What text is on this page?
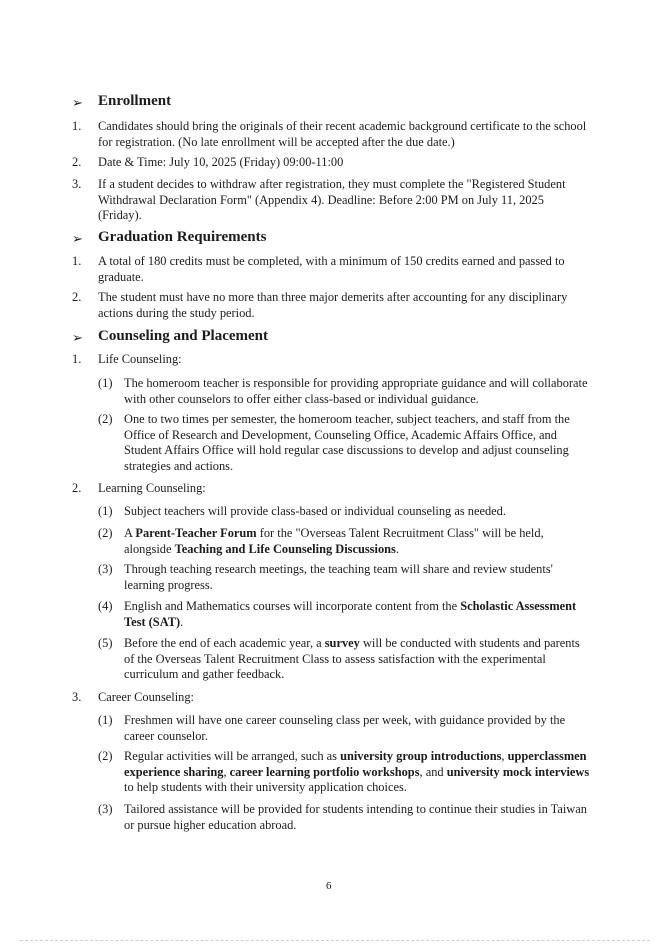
➢ Enrollment
1. Candidates should bring the originals of their recent academic background certificate to the school for registration. (No late enrollment will be accepted after the due date.)
2. Date & Time: July 10, 2025 (Friday) 09:00-11:00
3. If a student decides to withdraw after registration, they must complete the "Registered Student Withdrawal Declaration Form" (Appendix 4). Deadline: Before 2:00 PM on July 11, 2025 (Friday).
➢ Graduation Requirements
1. A total of 180 credits must be completed, with a minimum of 150 credits earned and passed to graduate.
2. The student must have no more than three major demerits after accounting for any disciplinary actions during the study period.
➢ Counseling and Placement
1. Life Counseling:
(1) The homeroom teacher is responsible for providing appropriate guidance and will collaborate with other counselors to offer either class-based or individual guidance.
(2) One to two times per semester, the homeroom teacher, subject teachers, and staff from the Office of Research and Development, Counseling Office, Academic Affairs Office, and Student Affairs Office will hold regular case discussions to develop and adjust counseling strategies and actions.
2. Learning Counseling:
(1) Subject teachers will provide class-based or individual counseling as needed.
(2) A Parent-Teacher Forum for the "Overseas Talent Recruitment Class" will be held, alongside Teaching and Life Counseling Discussions.
(3) Through teaching research meetings, the teaching team will share and review students' learning progress.
(4) English and Mathematics courses will incorporate content from the Scholastic Assessment Test (SAT).
(5) Before the end of each academic year, a survey will be conducted with students and parents of the Overseas Talent Recruitment Class to assess satisfaction with the experimental curriculum and gather feedback.
3. Career Counseling:
(1) Freshmen will have one career counseling class per week, with guidance provided by the career counselor.
(2) Regular activities will be arranged, such as university group introductions, upperclassmen experience sharing, career learning portfolio workshops, and university mock interviews to help students with their university application choices.
(3) Tailored assistance will be provided for students intending to continue their studies in Taiwan or pursue higher education abroad.
6
